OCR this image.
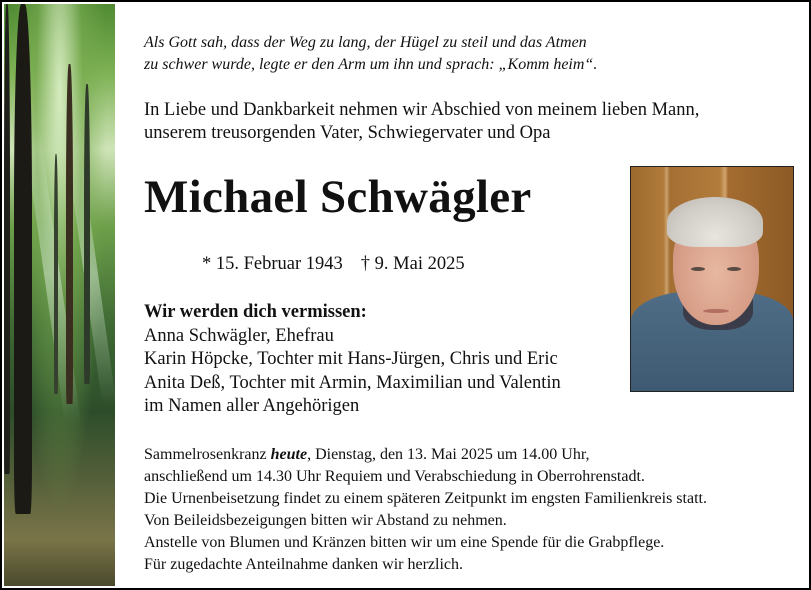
Als Gott sah, dass der Weg zu lang, der Hügel zu steil und das Atmen
zu schwer wurde, legte er den Arm um ihn und sprach: „Komm heim“.
In Liebe und Dankbarkeit nehmen wir Abschied von meinem lieben Mann,
unserem treusorgenden Vater, Schwiegervater und Opa
Michael Schwägler
* 15. Februar 1943 † 9. Mai 2025
Wir werden dich vermissen:
Anna Schwägler, Ehefrau
Karin Höpcke, Tochter mit Hans-Jürgen, Chris und Eric
Anita Deß, Tochter mit Armin, Maximilian und Valentin
im Namen aller Angehörigen
Sammelrosenkranz heute, Dienstag, den 13. Mai 2025 um 14.00 Uhr,
anschließend um 14.30 Uhr Requiem und Verabschiedung in Oberrohrenstadt.
Die Urnenbeisetzung findet zu einem späteren Zeitpunkt im engsten Familienkreis statt.
Von Beileidsbezeigungen bitten wir Abstand zu nehmen.
Anstelle von Blumen und Kränzen bitten wir um eine Spende für die Grabpflege.
Für zugedachte Anteilnahme danken wir herzlich.
